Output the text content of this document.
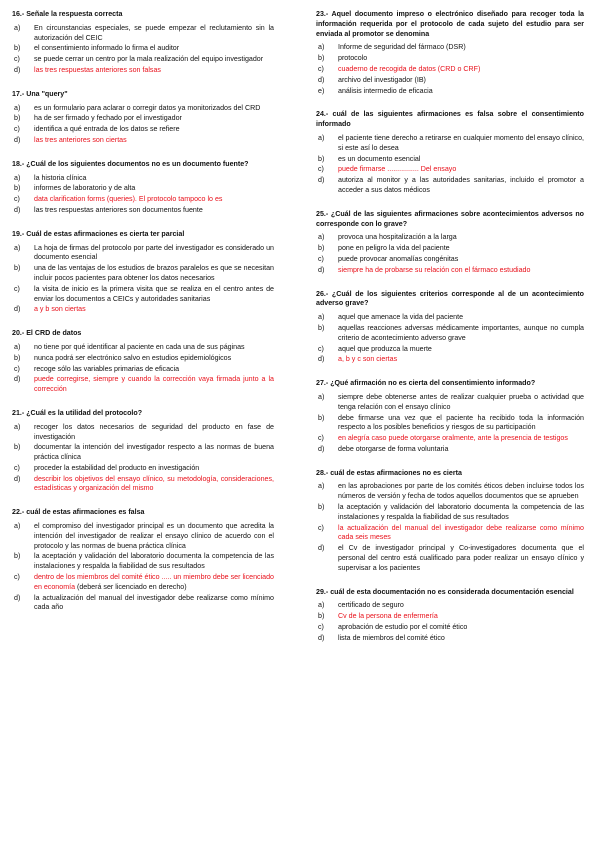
16.- Señale la respuesta correcta
a)	En circunstancias especiales, se puede empezar el reclutamiento sin la autorización del CEIC
b)	el consentimiento informado lo firma el auditor
c)	se puede cerrar un centro por la mala realización del equipo investigador
d)	las tres respuestas anteriores son falsas
17.- Una "query"
a)	es un formulario para aclarar o corregir datos ya monitorizados del CRD
b)	ha de ser firmado y fechado por el investigador
c)	identifica a qué entrada de los datos se refiere
d)	las tres anteriores son ciertas
18.- ¿Cuál de los siguientes documentos no es un documento fuente?
a)	la historia clínica
b)	informes de laboratorio y de alta
c)	data clarification forms (queries). El protocolo tampoco lo es
d)	las tres respuestas anteriores son documentos fuente
19.- Cuál de estas afirmaciones es cierta ter parcial
a)	La hoja de firmas del protocolo por parte del investigador es considerado un documento esencial
b)	una de las ventajas de los estudios de brazos paralelos es que se necesitan incluir pocos pacientes para obtener los datos necesarios
c)	la visita de inicio es la primera visita que se realiza en el centro antes de enviar los documentos a CEICs y autoridades sanitarias
d)	a y b son ciertas
20.- El CRD de datos
a)	no tiene por qué identificar al paciente en cada una de sus páginas
b)	nunca podrá ser electrónico salvo en estudios epidemiológicos
c)	recoge sólo las variables primarias de eficacia
d)	puede corregirse, siempre y cuando la corrección vaya firmada junto a la corrección
21.- ¿Cuál es la utilidad del protocolo?
a)	recoger los datos necesarios de seguridad del producto en fase de investigación
b)	documentar la intención del investigador respecto a las normas de buena práctica clínica
c)	proceder la estabilidad del producto en investigación
d)	describir los objetivos del ensayo clínico, su metodología, consideraciones, estadísticas y organización del mismo
22.- cuál de estas afirmaciones es falsa
a)	el compromiso del investigador principal es un documento que acredita la intención del investigador de realizar el ensayo clínico de acuerdo con el protocolo y las normas de buena práctica clínica
b)	la aceptación y validación del laboratorio documenta la competencia de las instalaciones y respalda la fiabilidad de sus resultados
c)	dentro de los miembros del comité ético ..... un miembro debe ser licenciado en economía (deberá ser licenciado en derecho)
d)	la actualización del manual del investigador debe realizarse como mínimo cada año
23.- Aquel documento impreso o electrónico diseñado para recoger toda la información requerida por el protocolo de cada sujeto del estudio para ser enviada al promotor se denomina
a)	Informe de seguridad del fármaco (DSR)
b)	protocolo
c)	cuaderno de recogida de datos (CRD o CRF)
d)	archivo del investigador (IB)
e)	análisis intermedio de eficacia
24.- cuál de las siguientes afirmaciones es falsa sobre el consentimiento informado
a)	el paciente tiene derecho a retirarse en cualquier momento del ensayo clínico, si este así lo desea
b)	es un documento esencial
c)	puede firmarse ................ Del ensayo
d)	autoriza al monitor y a las autoridades sanitarias, incluido el promotor a acceder a sus datos médicos
25.- ¿Cuál de las siguientes afirmaciones sobre acontecimientos adversos no corresponde con lo grave?
a)	provoca una hospitalización a la larga
b)	pone en peligro la vida del paciente
c)	puede provocar anomalías congénitas
d)	siempre ha de probarse su relación con el fármaco estudiado
26.- ¿Cuál de los siguientes criterios corresponde al de un acontecimiento adverso grave?
a)	aquel que amenace la vida del paciente
b)	aquellas reacciones adversas médicamente importantes, aunque no cumpla criterio de acontecimiento adverso grave
c)	aquel que produzca la muerte
d)	a, b y c son ciertas
27.- ¿Qué afirmación no es cierta del consentimiento informado?
a)	siempre debe obtenerse antes de realizar cualquier prueba o actividad que tenga relación con el ensayo clínico
b)	debe firmarse una vez que el paciente ha recibido toda la información respecto a los posibles beneficios y riesgos de su participación
c)	en alegría caso puede otorgarse oralmente, ante la presencia de testigos
d)	debe otorgarse de forma voluntaria
28.- cuál de estas afirmaciones no es cierta
a)	en las aprobaciones por parte de los comités éticos deben incluirse todos los números de versión y fecha de todos aquellos documentos que se aprueben
b)	la aceptación y validación del laboratorio documenta la competencia de las instalaciones y respalda la fiabilidad de sus resultados
c)	la actualización del manual del investigador debe realizarse como mínimo cada seis meses
d)	el Cv de investigador principal y Co-investigadores documenta que el personal del centro está cualificado para poder realizar un ensayo clínico y supervisar a los pacientes
29.- cuál de esta documentación no es considerada documentación esencial
a)	certificado de seguro
b)	Cv de la persona de enfermería
c)	aprobación de estudio por el comité ético
d)	lista de miembros del comité ético
